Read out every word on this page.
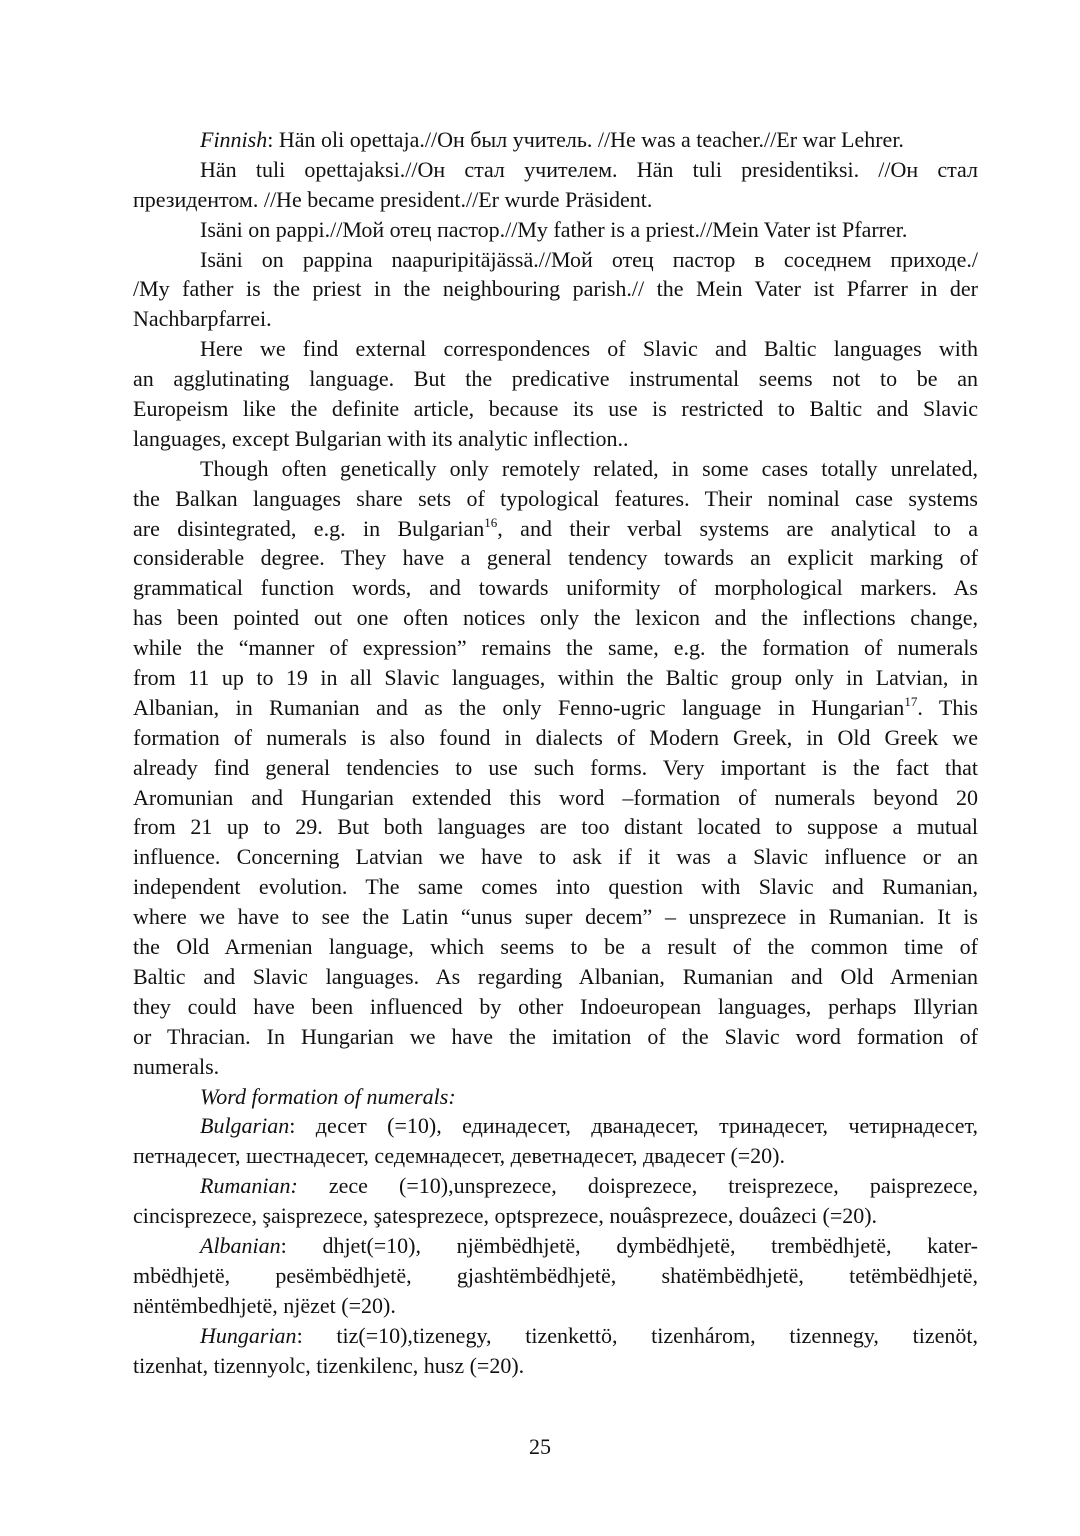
Finnish: Hän oli opettaja.//Он был учитель. //He was a teacher.//Er war Lehrer.
Hän tuli opettajaksi.//Он стал учителем. Hän tuli presidentiksi. //Он стал
президентом. //He became president.//Er wurde Präsident.
Isäni on pappi.//Мой отец пастор.//My father is a priest.//Mein Vater ist Pfarrer.
Isäni on pappina naapuripitäjässä.//Мой отец пастор в соседнем приходе./
/My father is the priest in the neighbouring parish.// the Mein Vater ist Pfarrer in der
Nachbarpfarrei.
Here we find external correspondences of Slavic and Baltic languages with
an agglutinating language. But the predicative instrumental seems not to be an
Europeism like the definite article, because its use is restricted to Baltic and Slavic
languages, except Bulgarian with its analytic inflection..
Though often genetically only remotely related, in some cases totally unrelated,
the Balkan languages share sets of typological features. Their nominal case systems
are disintegrated, e.g. in Bulgarian$^{16}$, and their verbal systems are analytical to a
considerable degree. They have a general tendency towards an explicit marking of
grammatical function words, and towards uniformity of morphological markers. As
has been pointed out one often notices only the lexicon and the inflections change,
while the “manner of expression” remains the same, e.g. the formation of numerals
from 11 up to 19 in all Slavic languages, within the Baltic group only in Latvian, in
Albanian, in Rumanian and as the only Fenno-ugric language in Hungarian$^{17}$. This
formation of numerals is also found in dialects of Modern Greek, in Old Greek we
already find general tendencies to use such forms. Very important is the fact that
Aromunian and Hungarian extended this word –formation of numerals beyond 20
from 21 up to 29. But both languages are too distant located to suppose a mutual
influence. Concerning Latvian we have to ask if it was a Slavic influence or an
independent evolution. The same comes into question with Slavic and Rumanian,
where we have to see the Latin “unus super decem” – unsprezece in Rumanian. It is
the Old Armenian language, which seems to be a result of the common time of
Baltic and Slavic languages. As regarding Albanian, Rumanian and Old Armenian
they could have been influenced by other Indoeuropean languages, perhaps Illyrian
or Thracian. In Hungarian we have the imitation of the Slavic word formation of
numerals.
Word formation of numerals:
Bulgarian: десет (=10), единадесет, дванадесет, тринадесет, четирнадесет,
петнадесет, шестнадесет, седемнадесет, деветнадесет, двадесет (=20).
Rumanian: zece (=10),unsprezece, doisprezece, treisprezece, paisprezece,
cincisprezece, şaisprezece, şatesprezece, optsprezece, nouâsprezece, douâzeci (=20).
Albanian: dhjet(=10), njëmbëdhjetë, dymbëdhjetë, trembëdhjetë, kater-
mbëdhjetë, pesëmbëdhjetë, gjashtëmbëdhjetë, shatëmbëdhjetë, tetëmbëdhjetë,
nëntëmbedhjetë, njëzet (=20).
Hungarian: tiz(=10),tizenegy, tizenkettö, tizenhárom, tizennegy, tizenöt,
tizenhat, tizennyolc, tizenkilenc, husz (=20).
25
